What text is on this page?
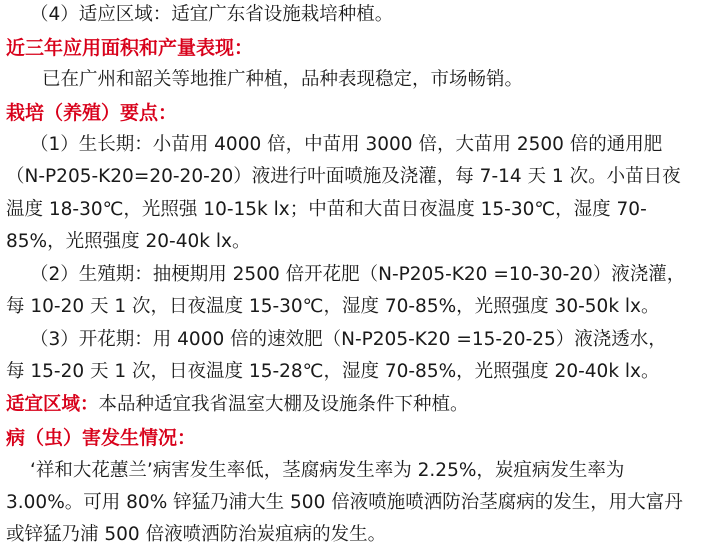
（4）适应区域：适宜广东省设施栽培种植。
近三年应用面积和产量表现：
已在广州和韶关等地推广种植，品种表现稳定，市场畅销。
栽培（养殖）要点：
（1）生长期：小苗用 4000 倍，中苗用 3000 倍，大苗用 2500 倍的通用肥
（N-P205-K20=20-20-20）液进行叶面喷施及浇灌，每 7-14 天 1 次。小苗日夜
温度 18-30℃，光照强 10-15k lx；中苗和大苗日夜温度 15-30℃，湿度 70-
85%，光照强度 20-40k lx。
（2）生殖期：抽梗期用 2500 倍开花肥（N-P205-K20 =10-30-20）液浇灌，
每 10-20 天 1 次，日夜温度 15-30℃，湿度 70-85%，光照强度 30-50k lx。
（3）开花期：用 4000 倍的速效肥（N-P205-K20 =15-20-25）液浇透水，
每 15-20 天 1 次，日夜温度 15-28℃，湿度 70-85%，光照强度 20-40k lx。
适宜区域：本品种适宜我省温室大棚及设施条件下种植。
病（虫）害发生情况：
‘祥和大花蕙兰’病害发生率低，茎腐病发生率为 2.25%，炭疽病发生率为
3.00%。可用 80% 锌猛乃浦大生 500 倍液喷施喷洒防治茎腐病的发生，用大富丹
或锌猛乃浦 500 倍液喷洒防治炭疽病的发生。
